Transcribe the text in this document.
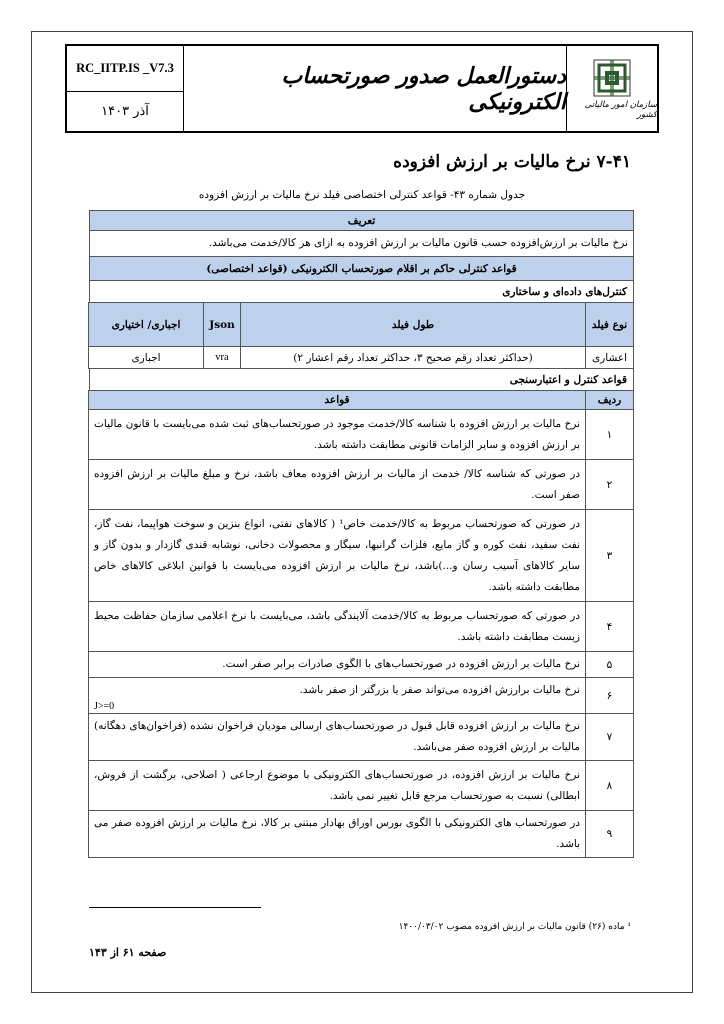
RC_IITP.IS _V7.3
آذر ۱۴۰۳
دستورالعمل صدور صورتحساب الکترونیکی	سازمان امور مالیاتی کشور
۷-۴۱ نرخ مالیات بر ارزش افزوده
جدول شماره ۴۳- قواعد کنترلی اختصاصی فیلد نرخ مالیات بر ارزش افزوده
تعریف
نرخ مالیات بر ارزش‌افزوده حسب قانون مالیات بر ارزش افزوده به ازای هر کالا/خدمت می‌باشد.
قواعد کنترلی حاکم بر اقلام صورتحساب الکترونیکی (قواعد اختصاصی)
کنترل‌های داده‌ای و ساختاری
نوع فیلد	طول فیلد	Json	اجباری/ اختیاری
اعشاری	(حداکثر تعداد رقم صحیح ۳، حداکثر تعداد رقم اعشار ۲)	vra	اجباری
قواعد کنترل و اعتبارسنجی
ردیف	قواعد
۱	نرخ مالیات بر ارزش افزوده با شناسه کالا/خدمت موجود در صورتحساب‌های ثبت شده می‌بایست با قانون مالیات بر ارزش افزوده و سایر الزامات قانونی مطابقت داشته باشد.
۲	در صورتی که شناسه کالا/ خدمت از مالیات بر ارزش افزوده معاف باشد، نرخ و مبلغ مالیات بر ارزش افزوده صفر است.
۳	در صورتی که صورتحساب مربوط به کالا/خدمت خاص¹ ( کالاهای نفتی، انواع بنزین و سوخت هواپیما، نفت گاز، نفت سفید، نفت کوره و گاز مایع، فلزات گرانبها، سیگار و محصولات دخانی، نوشابه قندی گازدار و بدون گاز و سایر کالاهای آسیب رسان و...)باشد، نرخ مالیات بر ارزش افزوده می‌بایست با قوانین ابلاغی کالاهای خاص مطابقت داشته باشد.
۴	در صورتی که صورتحساب مربوط به کالا/خدمت آلایندگی باشد، می‌بایست با نرخ اعلامی سازمان حفاظت محیط زیست مطابقت داشته باشد.
۵	نرخ مالیات بر ارزش افزوده در صورتحساب‌های با الگوی صادرات برابر صفر است.
۶	نرخ مالیات برارزش افزوده می‌تواند صفر یا بزرگتر از صفر باشد.
J>=0

۷	نرخ مالیات بر ارزش افزوده قابل قبول در صورتحساب‌های ارسالی مودیان فراخوان نشده (فراخوان‌های دهگانه) مالیات بر ارزش افزوده صفر می‌باشد.
۸	نرخ مالیات بر ارزش افزوده، در صورتحساب‌های الکترونیکی با موضوع ارجاعی ( اصلاحی، برگشت از فروش، ابطالی) نسبت به صورتحساب مرجع قابل تغییر نمی باشد.
۹	در صورتحساب های الکترونیکی با الگوی بورس اوراق بهادار مبتنی بر کالا، نرخ مالیات بر ارزش افزوده صفر می باشد.
¹ ماده (۲۶) قانون مالیات بر ارزش افزوده مصوب ۱۴۰۰/۰۳/۰۲
صفحه ۶۱ از ۱۴۳
